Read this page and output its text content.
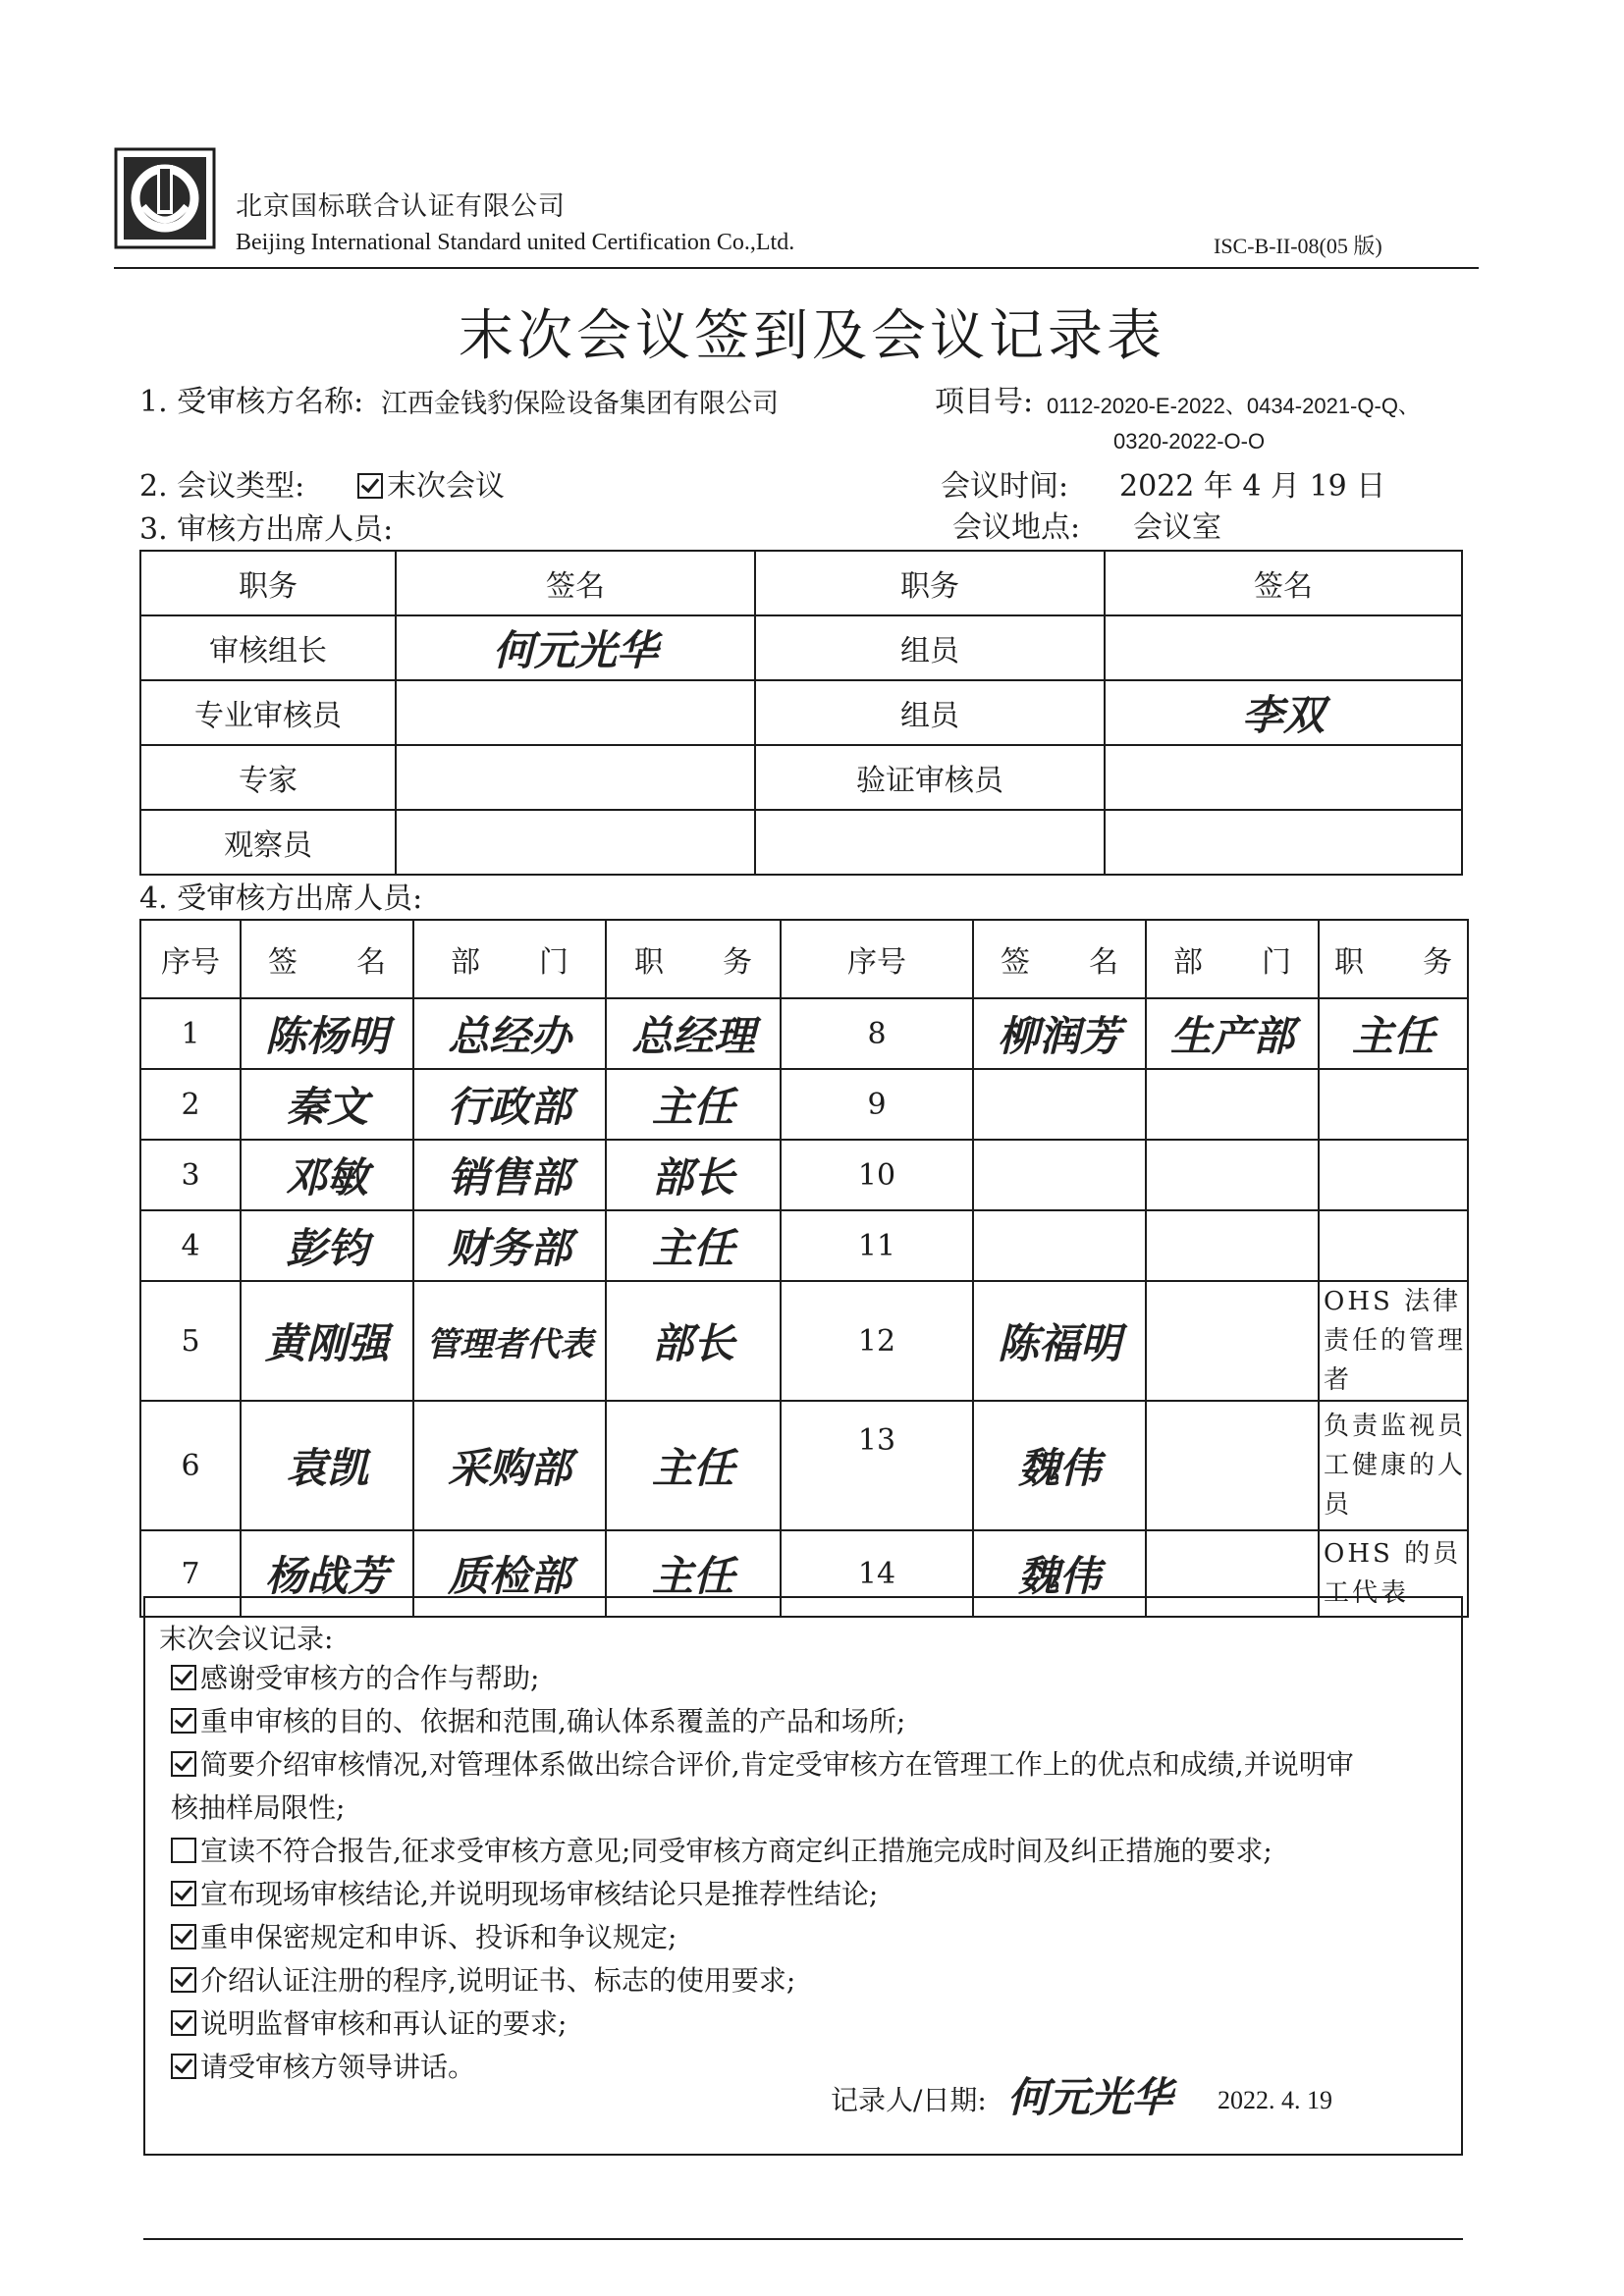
北京国标联合认证有限公司
Beijing International Standard united Certification Co.,Ltd.	ISC-B-II-08(05 版)
末次会议签到及会议记录表
1. 受审核方名称: 江西金钱豹保险设备集团有限公司	项目号: 0112-2020-E-2022、0434-2021-Q-Q、
0320-2022-O-O
2. 会议类型:	末次会议	会议时间: 2022 年 4 月 19 日
3. 审核方出席人员:	会议地点: 会议室
职务	签名	职务	签名
审核组长	何元光华	组员	
专业审核员		组员	李双
专家		验证审核员	
观察员			
4. 受审核方出席人员:
序号	签　　名	部　　门	职　　务	序号	签　　名	部　　门	职　　务
1	陈杨明	总经办	总经理	8	柳润芳	生产部	主任
2	秦文	行政部	主任	9			
3	邓敏	销售部	部长	10			
4	彭钧	财务部	主任	11			
5	黄刚强	管理者代表	部长	12	陈福明		OHS 法律责任的管理者
6	袁凯	采购部	主任	13	魏伟		负责监视员工健康的人员
7	杨战芳	质检部	主任	14	魏伟		OHS 的员工代表
末次会议记录:
感谢受审核方的合作与帮助;
重申审核的目的、依据和范围,确认体系覆盖的产品和场所;
简要介绍审核情况,对管理体系做出综合评价,肯定受审核方在管理工作上的优点和成绩,并说明审
核抽样局限性;
宣读不符合报告,征求受审核方意见;同受审核方商定纠正措施完成时间及纠正措施的要求;
宣布现场审核结论,并说明现场审核结论只是推荐性结论;
重申保密规定和申诉、投诉和争议规定;
介绍认证注册的程序,说明证书、标志的使用要求;
说明监督审核和再认证的要求;
请受审核方领导讲话。
记录人/日期: 何元光华 2022. 4. 19
